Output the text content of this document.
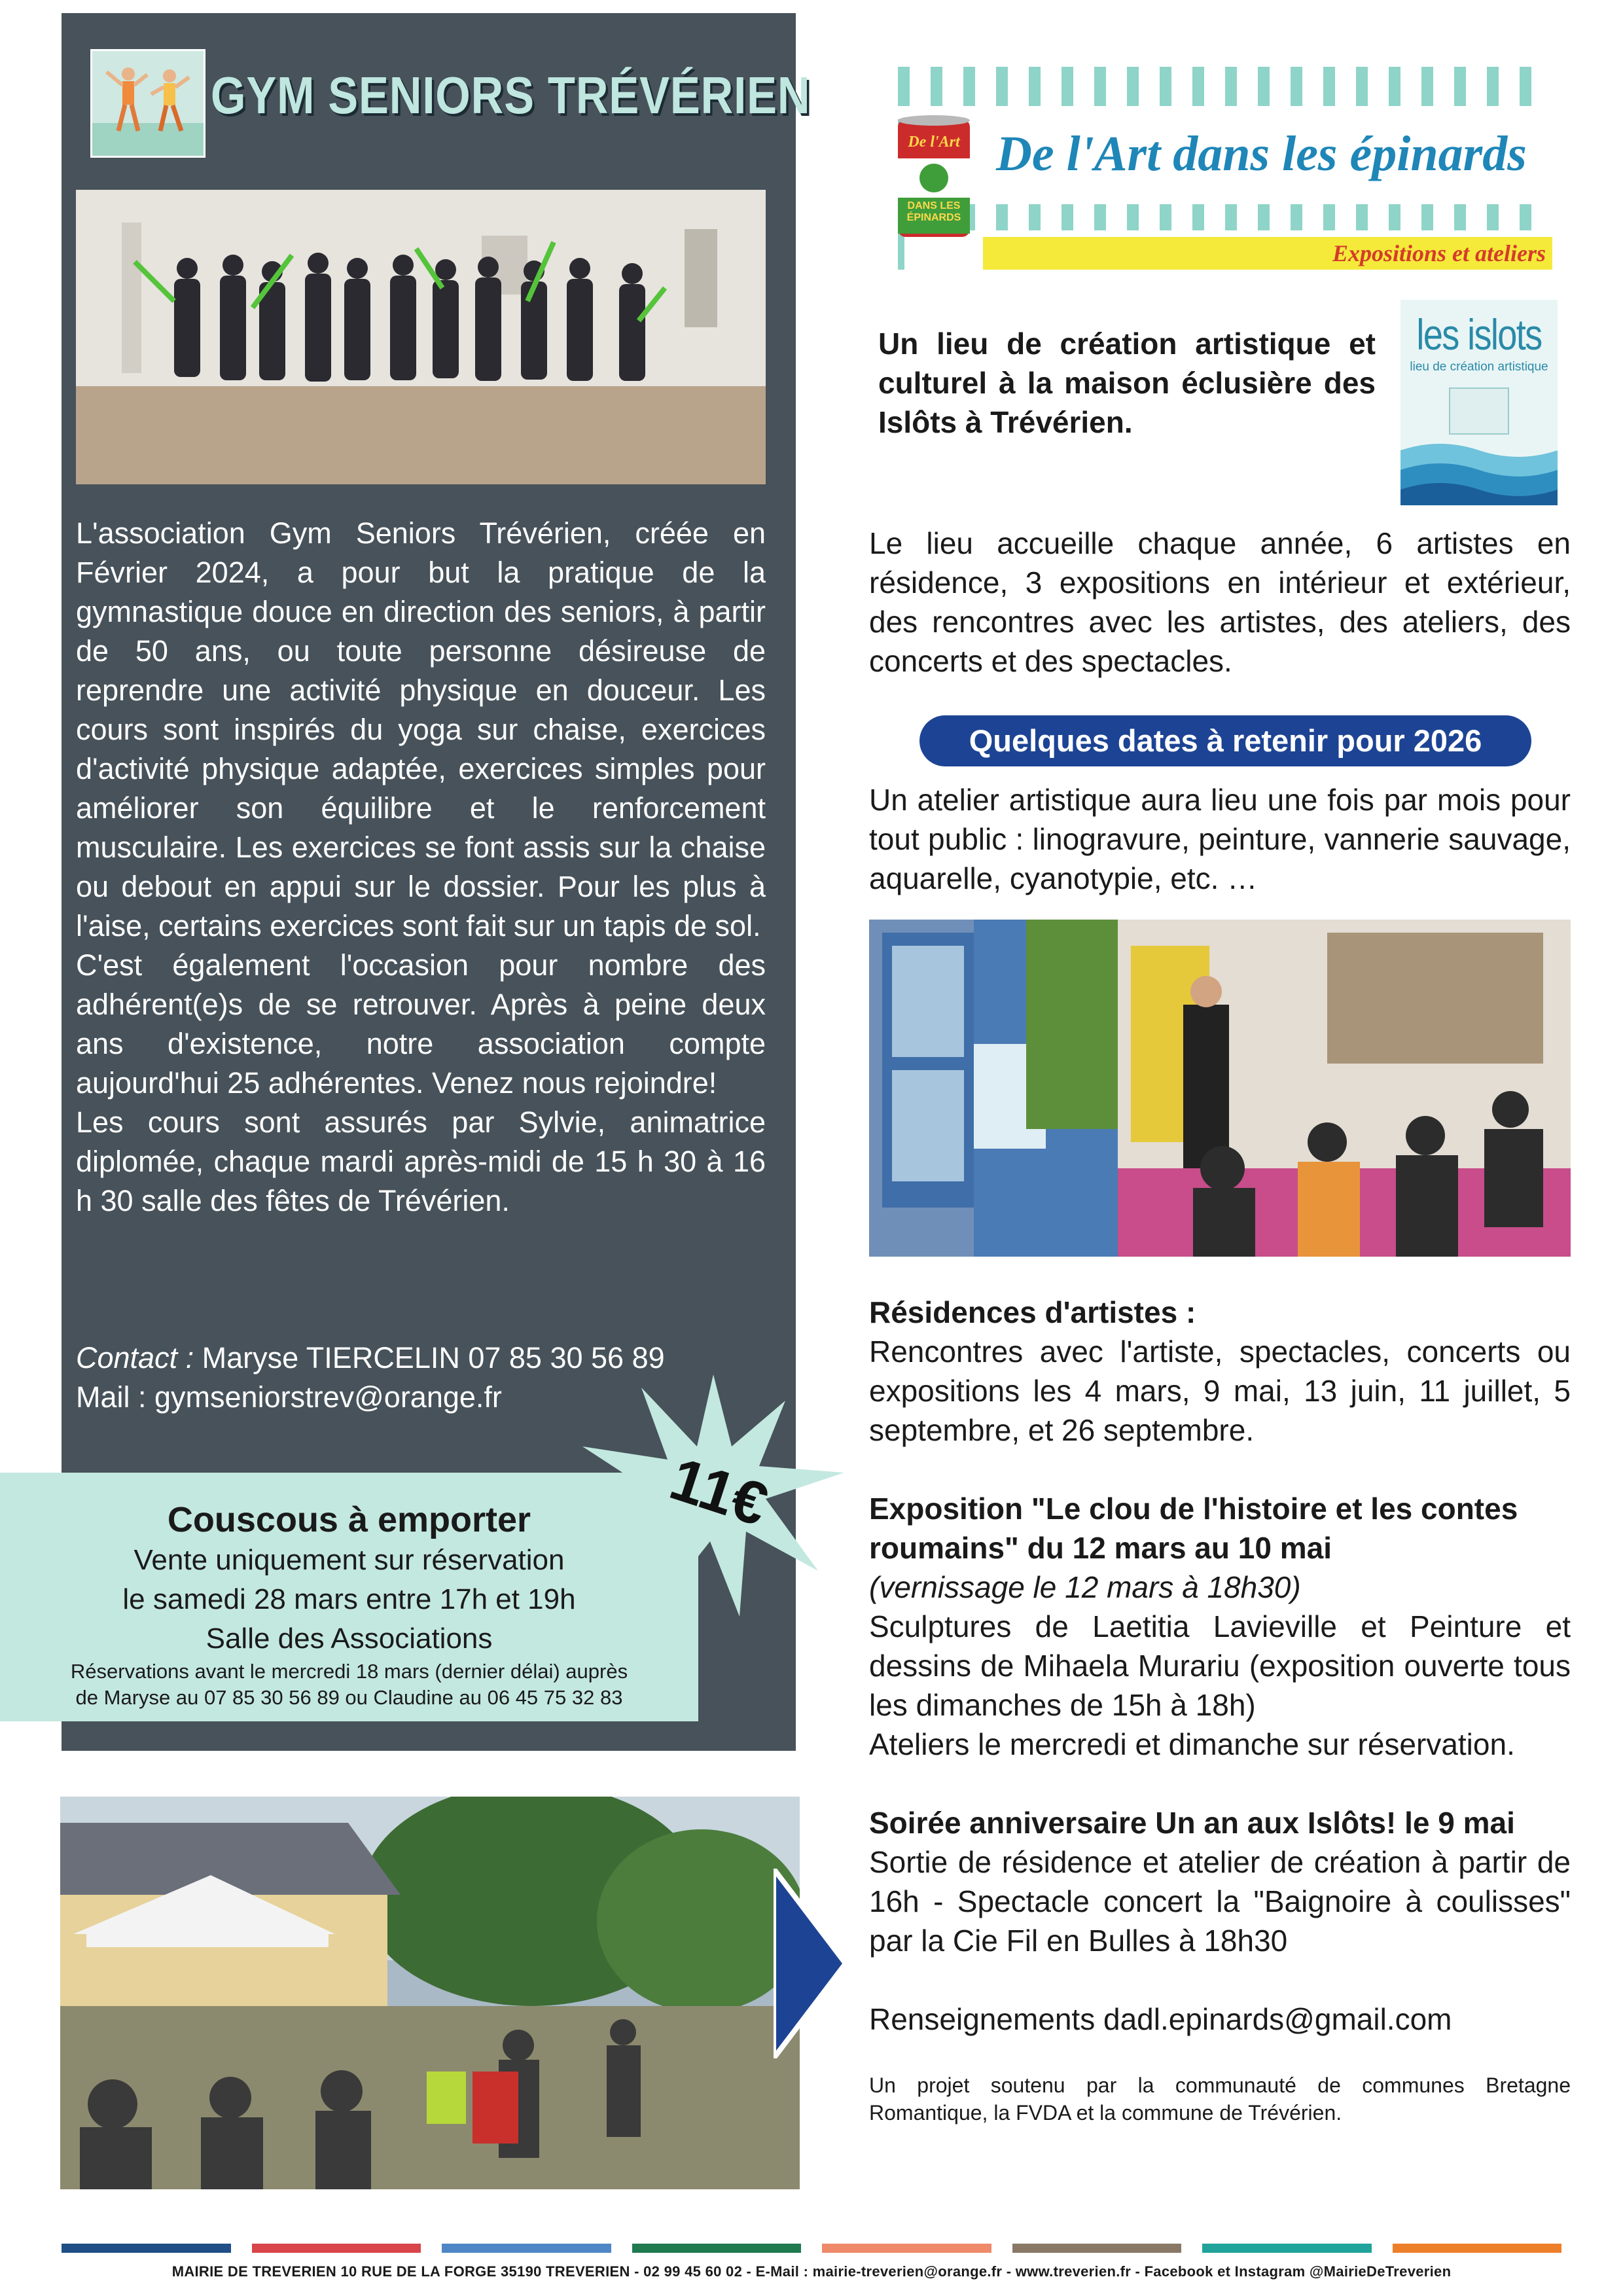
GYM SENIORS TRÉVÉRIEN

L'association Gym Seniors Trévérien, créée en Février 2024, a pour but la pratique de la gymnastique douce en direction des seniors, à partir de 50 ans, ou toute personne désireuse de reprendre une activité physique en douceur. Les cours sont inspirés du yoga sur chaise, exercices d'activité physique adaptée, exercices simples pour améliorer son équilibre et le renforcement musculaire. Les exercices se font assis sur la chaise ou debout en appui sur le dossier. Pour les plus à l'aise, certains exercices sont fait sur un tapis de sol.

C'est également l'occasion pour nombre des adhérent(e)s de se retrouver. Après à peine deux ans d'existence, notre association compte aujourd'hui 25 adhérentes. Venez nous rejoindre!

Les cours sont assurés par Sylvie, animatrice diplomée, chaque mardi après-midi de 15 h 30 à 16 h 30 salle des fêtes de Trévérien.

Contact : Maryse TIERCELIN 07 85 30 56 89
Mail : gymseniorstrev@orange.fr
Couscous à emporter
Vente uniquement sur réservation
le samedi 28 mars entre 17h et 19h
Salle des Associations
Réservations avant le mercredi 18 mars (dernier délai) auprès
de Maryse au 07 85 30 56 89 ou Claudine au 06 45 75 32 83
11€
De l'Art
DANS LES ÉPINARDS
De l'Art dans les épinards
Expositions et ateliers
Un lieu de création artistique et culturel à la maison éclusière des Islôts à Trévérien.
les islots
lieu de création artistique
Le lieu accueille chaque année, 6 artistes en résidence, 3 expositions en intérieur et extérieur, des rencontres avec les artistes, des ateliers, des concerts et des spectacles.
Quelques dates à retenir pour 2026
Un atelier artistique aura lieu une fois par mois pour tout public : linogravure, peinture, vannerie sauvage, aquarelle, cyanotypie, etc. …
Résidences d'artistes :
Rencontres avec l'artiste, spectacles, concerts ou expositions les 4 mars, 9 mai, 13 juin, 11 juillet, 5 septembre, et 26 septembre.
Exposition "Le clou de l'histoire et les contes roumains" du 12 mars au 10 mai
(vernissage le 12 mars à 18h30)
Sculptures de Laetitia Lavieville et Peinture et dessins de Mihaela Murariu (exposition ouverte tous les dimanches de 15h à 18h)
Ateliers le mercredi et dimanche sur réservation.
Soirée anniversaire Un an aux Islôts! le 9 mai
Sortie de résidence et atelier de création à partir de 16h - Spectacle concert la "Baignoire à coulisses" par la Cie Fil en Bulles à 18h30
Renseignements dadl.epinards@gmail.com
Un projet soutenu par la communauté de communes Bretagne Romantique, la FVDA et la commune de Trévérien.
MAIRIE DE TREVERIEN 10 RUE DE LA FORGE 35190 TREVERIEN - 02 99 45 60 02 - E-Mail : mairie-treverien@orange.fr - www.treverien.fr - Facebook et Instagram @MairieDeTreverien
